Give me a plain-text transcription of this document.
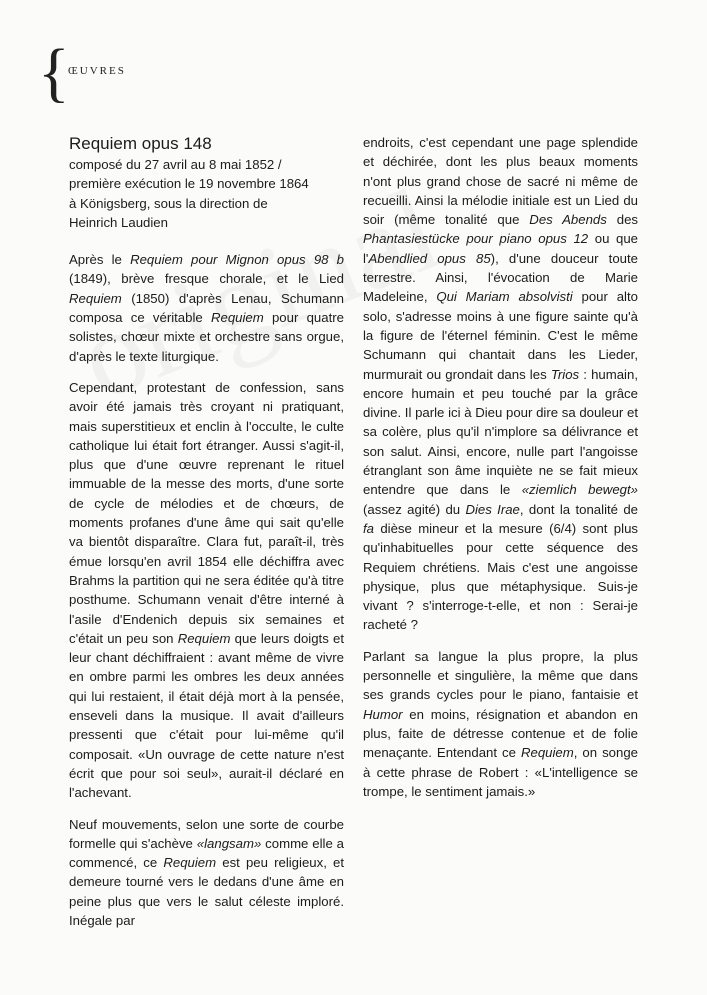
{
ŒUVRES
Requiem opus 148
composé du 27 avril au 8 mai 1852 /
première exécution le 19 novembre 1864
à Königsberg, sous la direction de
Heinrich Laudien

Après le Requiem pour Mignon opus 98 b (1849), brève fresque chorale, et le Lied Requiem (1850) d'après Lenau, Schumann composa ce véritable Requiem pour quatre solistes, chœur mixte et orchestre sans orgue, d'après le texte liturgique.

Cependant, protestant de confession, sans avoir été jamais très croyant ni pratiquant, mais superstitieux et enclin à l'occulte, le culte catholique lui était fort étranger. Aussi s'agit-il, plus que d'une œuvre reprenant le rituel immuable de la messe des morts, d'une sorte de cycle de mélodies et de chœurs, de moments profanes d'une âme qui sait qu'elle va bientôt disparaître. Clara fut, paraît-il, très émue lorsqu'en avril 1854 elle déchiffra avec Brahms la partition qui ne sera éditée qu'à titre posthume. Schumann venait d'être interné à l'asile d'Endenich depuis six semaines et c'était un peu son Requiem que leurs doigts et leur chant déchiffraient : avant même de vivre en ombre parmi les ombres les deux années qui lui restaient, il était déjà mort à la pensée, enseveli dans la musique. Il avait d'ailleurs pressenti que c'était pour lui-même qu'il composait. «Un ouvrage de cette nature n'est écrit que pour soi seul», aurait-il déclaré en l'achevant.

Neuf mouvements, selon une sorte de courbe formelle qui s'achève «langsam» comme elle a commencé, ce Requiem est peu religieux, et demeure tourné vers le dedans d'une âme en peine plus que vers le salut céleste imploré. Inégale par

endroits, c'est cependant une page splendide et déchirée, dont les plus beaux moments n'ont plus grand chose de sacré ni même de recueilli. Ainsi la mélodie initiale est un Lied du soir (même tonalité que Des Abends des Phantasiestücke pour piano opus 12 ou que l'Abendlied opus 85), d'une douceur toute terrestre. Ainsi, l'évocation de Marie Madeleine, Qui Mariam absolvisti pour alto solo, s'adresse moins à une figure sainte qu'à la figure de l'éternel féminin. C'est le même Schumann qui chantait dans les Lieder, murmurait ou grondait dans les Trios : humain, encore humain et peu touché par la grâce divine. Il parle ici à Dieu pour dire sa douleur et sa colère, plus qu'il n'implore sa délivrance et son salut. Ainsi, encore, nulle part l'angoisse étranglant son âme inquiète ne se fait mieux entendre que dans le «ziemlich bewegt» (assez agité) du Dies Irae, dont la tonalité de fa dièse mineur et la mesure (6/4) sont plus qu'inhabituelles pour cette séquence des Requiem chrétiens. Mais c'est une angoisse physique, plus que métaphysique. Suis-je vivant ? s'interroge-t-elle, et non : Serai-je racheté ?

Parlant sa langue la plus propre, la plus personnelle et singulière, la même que dans ses grands cycles pour le piano, fantaisie et Humor en moins, résignation et abandon en plus, faite de détresse contenue et de folie menaçante. Entendant ce Requiem, on songe à cette phrase de Robert : «L'intelligence se trompe, le sentiment jamais.»
